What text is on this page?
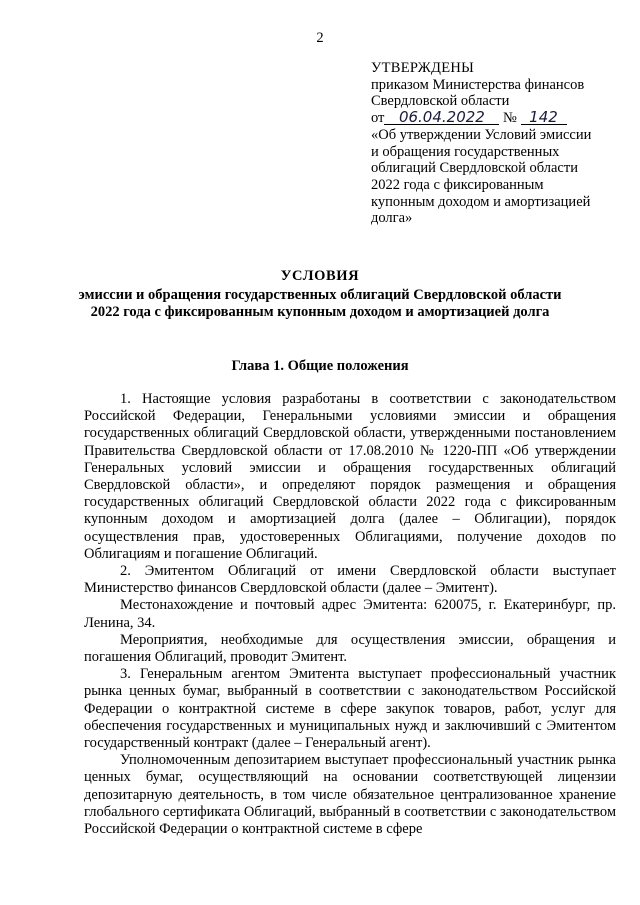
2
УТВЕРЖДЕНЫ
приказом Министерства финансов
Свердловской области
от 06.04.2022 № 142
«Об утверждении Условий эмиссии
и обращения государственных
облигаций Свердловской области
2022 года с фиксированным
купонным доходом и амортизацией
долга»
УСЛОВИЯ
эмиссии и обращения государственных облигаций Свердловской области
2022 года с фиксированным купонным доходом и амортизацией долга
Глава 1. Общие положения

1. Настоящие условия разработаны в соответствии с законодательством Российской Федерации, Генеральными условиями эмиссии и обращения государственных облигаций Свердловской области, утвержденными постановлением Правительства Свердловской области от 17.08.2010 № 1220-ПП «Об утверждении Генеральных условий эмиссии и обращения государственных облигаций Свердловской области», и определяют порядок размещения и обращения государственных облигаций Свердловской области 2022 года с фиксированным купонным доходом и амортизацией долга (далее – Облигации), порядок осуществления прав, удостоверенных Облигациями, получение доходов по Облигациям и погашение Облигаций.

2. Эмитентом Облигаций от имени Свердловской области выступает Министерство финансов Свердловской области (далее – Эмитент).

Местонахождение и почтовый адрес Эмитента: 620075, г. Екатеринбург, пр. Ленина, 34.

Мероприятия, необходимые для осуществления эмиссии, обращения и погашения Облигаций, проводит Эмитент.

3. Генеральным агентом Эмитента выступает профессиональный участник рынка ценных бумаг, выбранный в соответствии с законодательством Российской Федерации о контрактной системе в сфере закупок товаров, работ, услуг для обеспечения государственных и муниципальных нужд и заключивший с Эмитентом государственный контракт (далее – Генеральный агент).

Уполномоченным депозитарием выступает профессиональный участник рынка ценных бумаг, осуществляющий на основании соответствующей лицензии депозитарную деятельность, в том числе обязательное централизованное хранение глобального сертификата Облигаций, выбранный в соответствии с законодательством Российской Федерации о контрактной системе в сфере
